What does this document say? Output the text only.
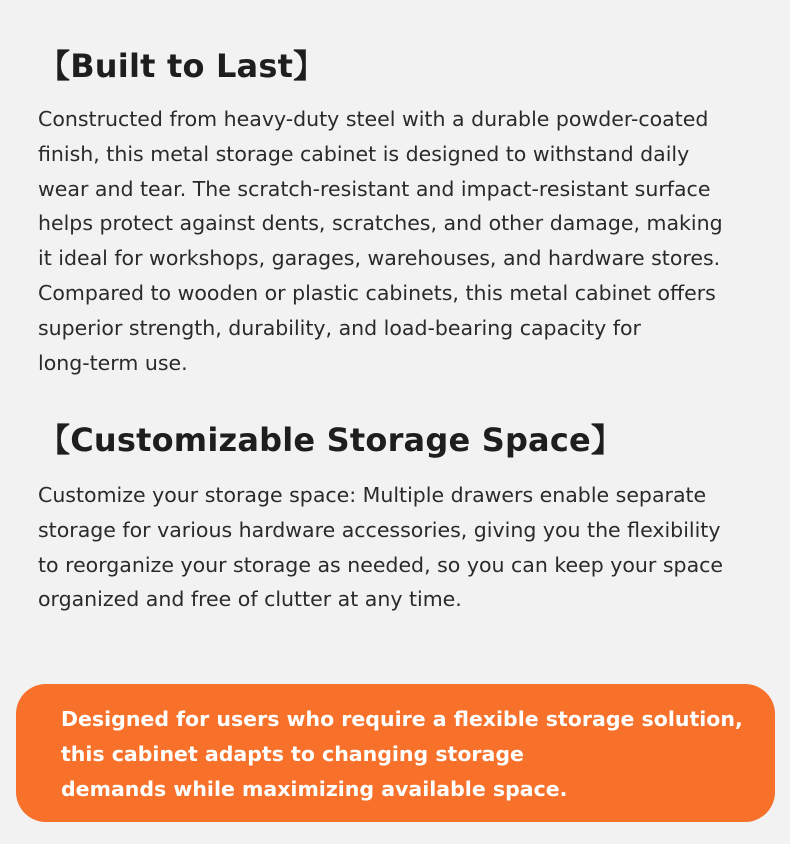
【Built to Last】

Constructed from heavy-duty steel with a durable powder-coated
finish, this metal storage cabinet is designed to withstand daily
wear and tear. The scratch-resistant and impact-resistant surface
helps protect against dents, scratches, and other damage, making
it ideal for workshops, garages, warehouses, and hardware stores.
Compared to wooden or plastic cabinets, this metal cabinet offers
superior strength, durability, and load-bearing capacity for
long-term use.

【Customizable Storage Space】

Customize your storage space: Multiple drawers enable separate
storage for various hardware accessories, giving you the flexibility
to reorganize your storage as needed, so you can keep your space
organized and free of clutter at any time.

Designed for users who require a flexible storage solution,
this cabinet adapts to changing storage
demands while maximizing available space.
